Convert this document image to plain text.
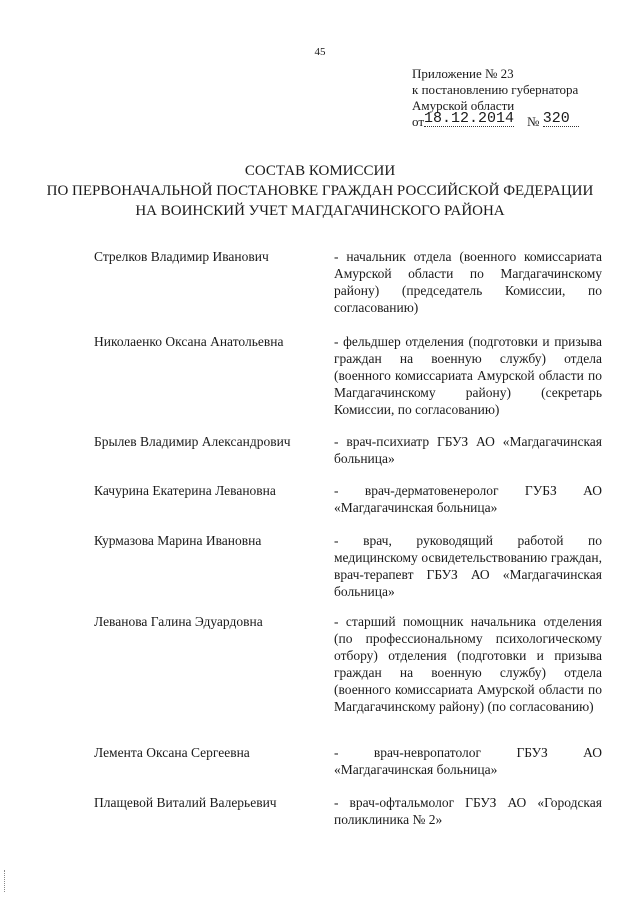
45
Приложение № 23
к постановлению губернатора
Амурской области
от18.12.2014 № 320
СОСТАВ КОМИССИИ
ПО ПЕРВОНАЧАЛЬНОЙ ПОСТАНОВКЕ ГРАЖДАН РОССИЙСКОЙ ФЕДЕРАЦИИ
НА ВОИНСКИЙ УЧЕТ МАГДАГАЧИНСКОГО РАЙОНА
Стрелков Владимир Иванович	- начальник отдела (военного комиссариата Амурской области по Магдагачинскому району) (председатель Комиссии, по согласованию)
Николаенко Оксана Анатольевна	- фельдшер отделения (подготовки и призыва граждан на военную службу) отдела (военного комиссариата Амурской области по Магдагачинскому району) (секретарь Комиссии, по согласованию)
Брылев Владимир Александрович	- врач-психиатр ГБУЗ АО «Магдагачинская больница»
Качурина Екатерина Левановна	- врач-дерматовенеролог ГУБЗ АО «Магдагачинская больница»
Курмазова Марина Ивановна	- врач, руководящий работой по медицинскому освидетельствованию граждан, врач-терапевт ГБУЗ АО «Магдагачинская больница»
Леванова Галина Эдуардовна	- старший помощник начальника отделения (по профессиональному психологическому отбору) отделения (подготовки и призыва граждан на военную службу) отдела (военного комиссариата Амурской области по Магдагачинскому району) (по согласованию)
Лемента Оксана Сергеевна	- врач-невропатолог ГБУЗ АО «Магдагачинская больница»
Плащевой Виталий Валерьевич	- врач-офтальмолог ГБУЗ АО «Городская поликлиника № 2»
